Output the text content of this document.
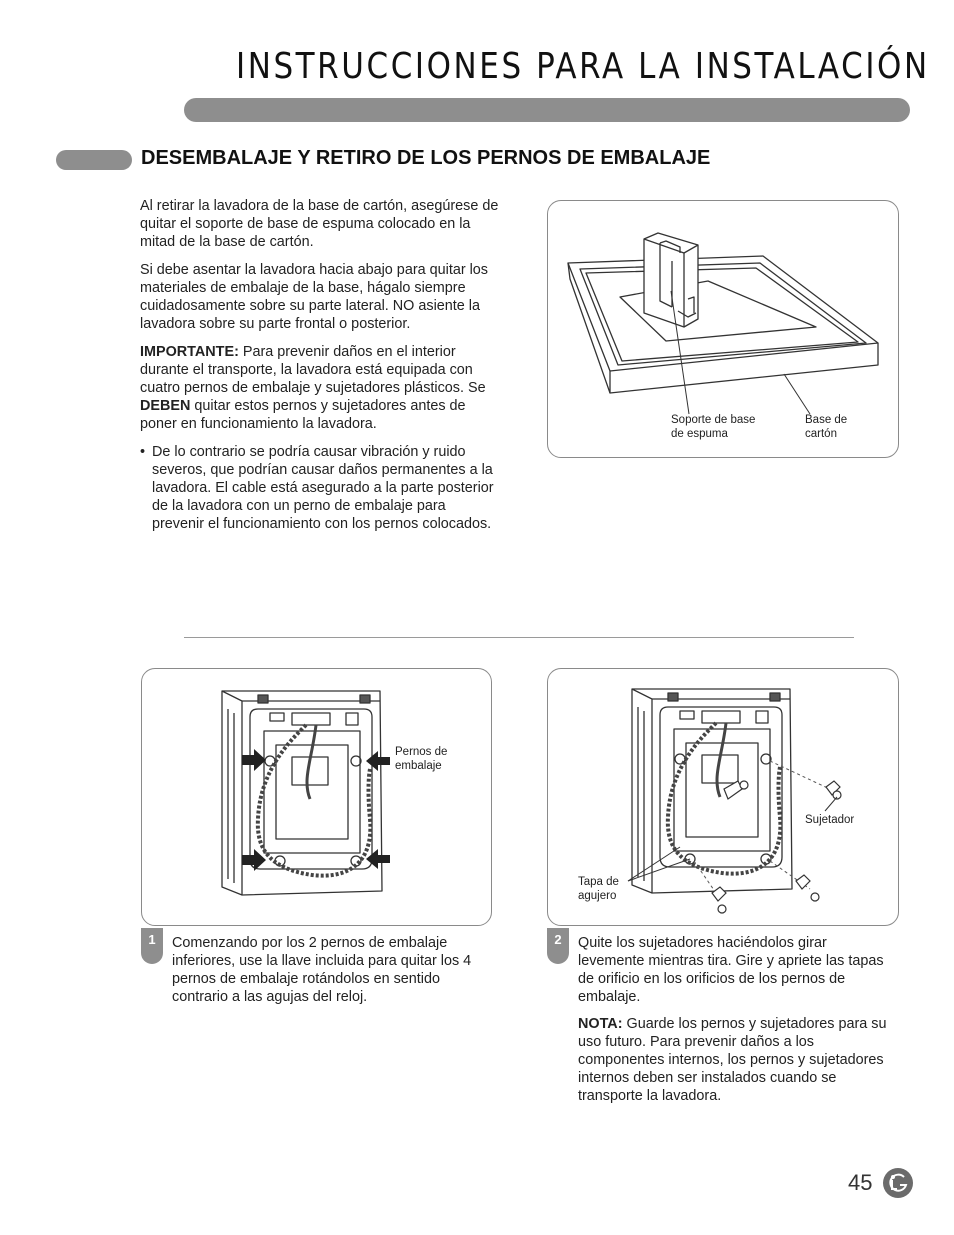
INSTRUCCIONES PARA LA INSTALACIÓN
DESEMBALAJE Y RETIRO DE LOS PERNOS DE EMBALAJE

Al retirar la lavadora de la base de cartón, asegúrese de quitar el soporte de base de espuma colocado en la mitad de la base de cartón.

Si debe asentar la lavadora hacia abajo para quitar los materiales de embalaje de la base, hágalo siempre cuidadosamente sobre su parte lateral. NO asiente la lavadora sobre su parte frontal o posterior.

IMPORTANTE: Para prevenir daños en el interior durante el transporte, la lavadora está equipada con cuatro pernos de embalaje y sujetadores plásticos. Se DEBEN quitar estos pernos y sujetadores antes de poner en funcionamiento la lavadora.

• De lo contrario se podría causar vibración y ruido severos, que podrían causar daños permanentes a la lavadora. El cable está asegurado a la parte posterior de la lavadora con un perno de embalaje para prevenir el funcionamiento con los pernos colocados.
Soporte de base
de espuma
Base de
cartón
Pernos de
embalaje
Sujetador
Tapa de
agujero
1	Comenzando por los 2 pernos de embalaje inferiores, use la llave incluida para quitar los 4 pernos de embalaje rotándolos en sentido contrario a las agujas del reloj.

2	Quite los sujetadores haciéndolos girar levemente mientras tira. Gire y apriete las tapas de orificio en los orificios de los pernos de embalaje.

NOTA: Guarde los pernos y sujetadores para su uso futuro. Para prevenir daños a los componentes internos, los pernos y sujetadores internos deben ser instalados cuando se transporte la lavadora.

45
